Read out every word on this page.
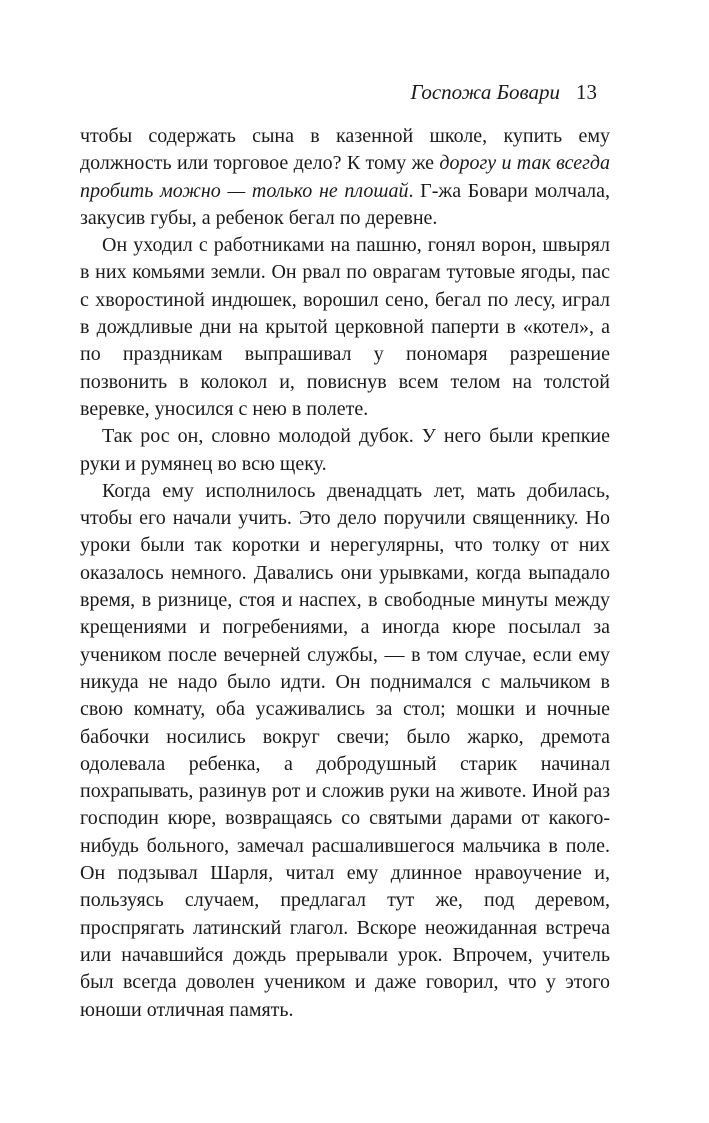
Госпожа Бовари 13

чтобы содержать сына в казенной школе, купить ему должность или торговое дело? К тому же дорогу и так всегда пробить можно — только не плошай. Г-жа Бовари молчала, закусив губы, а ребенок бегал по деревне.

Он уходил с работниками на пашню, гонял ворон, швырял в них комьями земли. Он рвал по оврагам тутовые ягоды, пас с хворостиной индюшек, ворошил сено, бегал по лесу, играл в дождливые дни на крытой церковной паперти в «котел», а по праздникам выпрашивал у пономаря разрешение позвонить в колокол и, повиснув всем телом на толстой веревке, уносился с нею в полете.

Так рос он, словно молодой дубок. У него были крепкие руки и румянец во всю щеку.

Когда ему исполнилось двенадцать лет, мать добилась, чтобы его начали учить. Это дело поручили священнику. Но уроки были так коротки и нерегулярны, что толку от них оказалось немного. Давались они урывками, когда выпадало время, в ризнице, стоя и наспех, в свободные минуты между крещениями и погребениями, а иногда кюре посылал за учеником после вечерней службы, — в том случае, если ему никуда не надо было идти. Он поднимался с мальчиком в свою комнату, оба усаживались за стол; мошки и ночные бабочки носились вокруг свечи; было жарко, дремота одолевала ребенка, а добродушный старик начинал похрапывать, разинув рот и сложив руки на животе. Иной раз господин кюре, возвращаясь со святыми дарами от какого-нибудь больного, замечал расшалившегося мальчика в поле. Он подзывал Шарля, читал ему длинное нравоучение и, пользуясь случаем, предлагал тут же, под деревом, проспрягать латинский глагол. Вскоре неожиданная встреча или начавшийся дождь прерывали урок. Впрочем, учитель был всегда доволен учеником и даже говорил, что у этого юноши отличная память.
